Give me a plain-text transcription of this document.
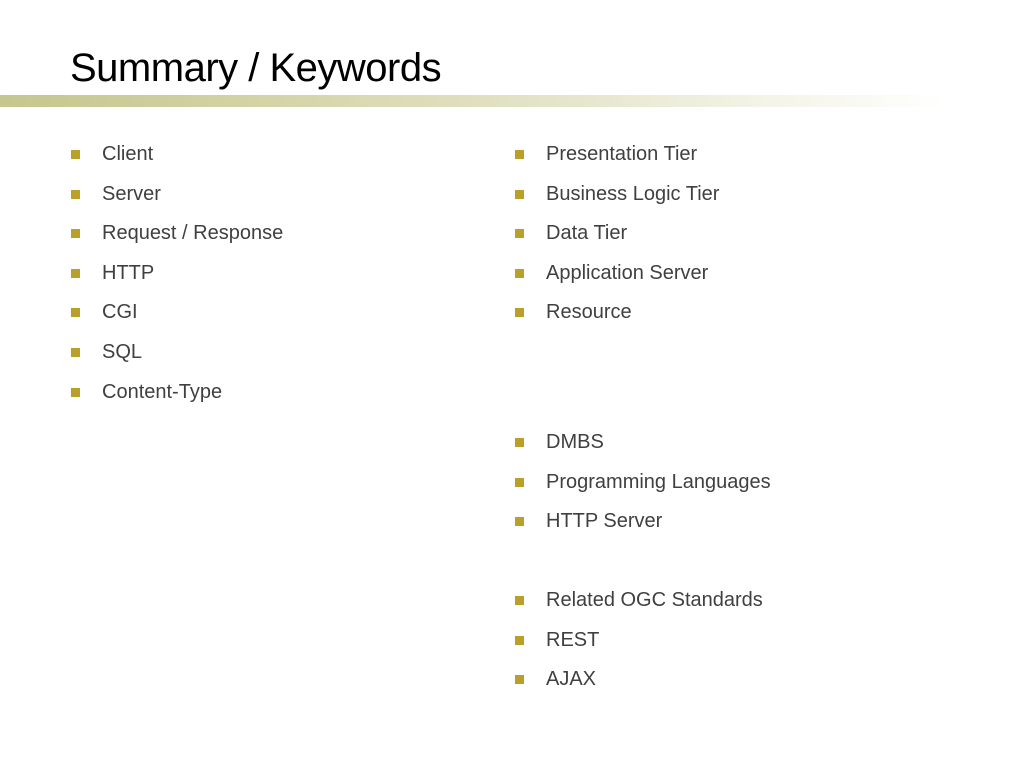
Summary / Keywords
Client
Server
Request / Response
HTTP
CGI
SQL
Content-Type
Presentation Tier
Business Logic Tier
Data Tier
Application Server
Resource
DMBS
Programming Languages
HTTP Server
Related OGC Standards
REST
AJAX
